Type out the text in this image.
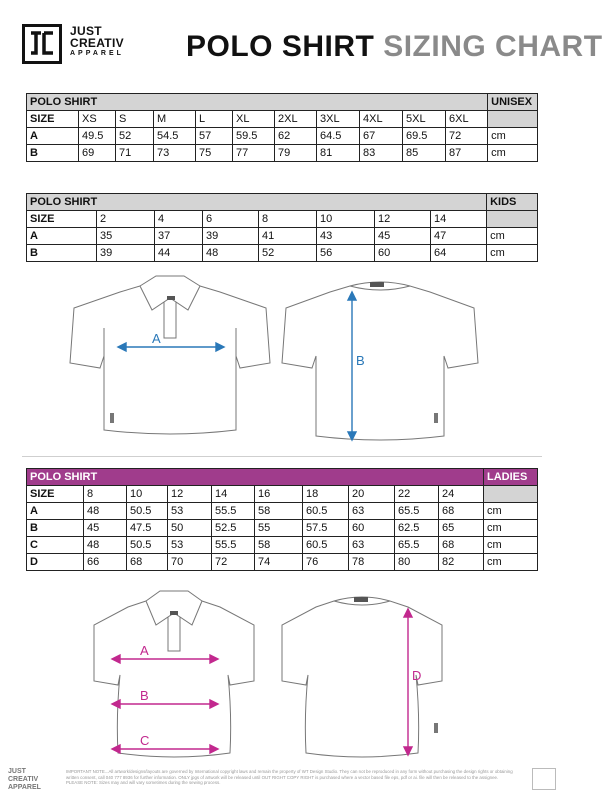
JUST
CREATIV
APPAREL POLO SHIRT SIZING CHART
POLO SHIRT											UNISEX
SIZE	XS	S	M	L	XL	2XL	3XL	4XL	5XL	6XL	
A	49.5	52	54.5	57	59.5	62	64.5	67	69.5	72	cm
B	69	71	73	75	77	79	81	83	85	87	cm
POLO SHIRT								KIDS
SIZE	2	4	6	8	10	12	14	
A	35	37	39	41	43	45	47	cm
B	39	44	48	52	56	60	64	cm
A
B
POLO SHIRT										LADIES
SIZE	8	10	12	14	16	18	20	22	24	
A	48	50.5	53	55.5	58	60.5	63	65.5	68	cm
B	45	47.5	50	52.5	55	57.5	60	62.5	65	cm
C	48	50.5	53	55.5	58	60.5	63	65.5	68	cm
D	66	68	70	72	74	76	78	80	82	cm
A
B
C
D
JUST
CREATIV
APPAREL
IMPORTANT NOTE...All artwork/designs/layouts are governed by International copyright laws and remain the property of WT Design Studio. They can not be reproduced in any form without purchasing the design rights or obtaining written consent, call 040 777 8936 for further information. ONLY jpgs of artwork will be released until OUT RIGHT COPY RIGHT is purchased where a vector based file eps, pdf or ai. file will then be released to the assignee. PLEASE NOTE: Sizes may and will vary sometimes during the sewing process.
